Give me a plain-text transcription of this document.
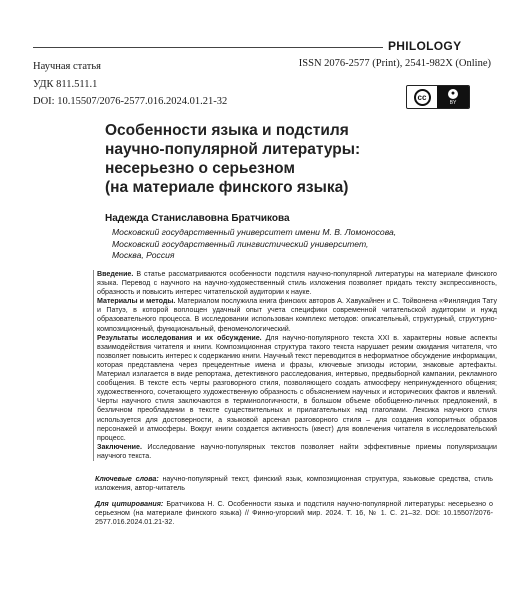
PHILOLOGY
Научная статья
УДК 811.511.1
DOI: 10.15507/2076-2577.016.2024.01.21-32
ISSN 2076-2577 (Print), 2541-982X (Online)
cc	●
BY
Особенности языка и подстиля
научно-популярной литературы:
несерьезно о серьезном
(на материале финского языка)
Надежда Станиславовна Братчикова
Московский государственный университет имени М. В. Ломоносова,
Московский государственный лингвистический университет,
Москва, Россия

Введение. В статье рассматриваются особенности подстиля научно-популярной литературы на материале финского языка. Перевод с научного на научно-художественный стиль изложения позволяет придать тексту экспрессивность, образность и повысить интерес читательской аудитории к науке.

Материалы и методы. Материалом послужила книга финских авторов А. Хавукайнен и С. Тойвонена «Финляндия Тату и Патуэ, в которой воплощен удачный опыт учета специфики современной читательской аудитории и нужд образовательного процесса. В исследовании использован комплекс методов: описательный, структурный, структурно-композиционный, функциональный, феноменологический.

Результаты исследования и их обсуждение. Для научно-популярного текста XXI в. характерны новые аспекты взаимодействия читателя и книги. Композиционная структура такого текста нарушает режим ожидания читателя, что позволяет повысить интерес к содержанию книги. Научный текст переводится в неформатное обсуждение информации, которая представлена через прецедентные имена и фразы, ключевые эпизоды истории, знаковые артефакты. Материал излагается в виде репортажа, детективного расследования, интервью, предвыборной кампании, рекламного сообщения. В тексте есть черты разговорного стиля, позволяющего создать атмосферу непринужденного общения; художественного, сочетающего художественную образность с объяснением научных и исторических фактов и явлений. Черты научного стиля заключаются в терминологичности, в большом объеме обобщенно-личных предложений, в безличном преобладании в тексте существительных и прилагательных над глаголами. Лексика научного стиля используется для достоверности, а языковой арсенал разговорного стиля – для создания копоритных образов персонажей и атмосферы. Вокруг книги создается активность (квест) для вовлечения читателя в исследовательский процесс.

Заключение. Исследование научно-популярных текстов позволяет найти эффективные приемы популяризации научного текста.

Ключевые слова: научно-популярный текст, финский язык, композиционная структура, языковые средства, стиль изложения, автор-читатель

Для цитирования: Братчикова Н. С. Особенности языка и подстиля научно-популярной литературы: несерьезно о серьезном (на материале финского языка) // Финно-угорский мир. 2024. Т. 16, № 1. С. 21–32. DOI: 10.15507/2076-2577.016.2024.01.21-32.
